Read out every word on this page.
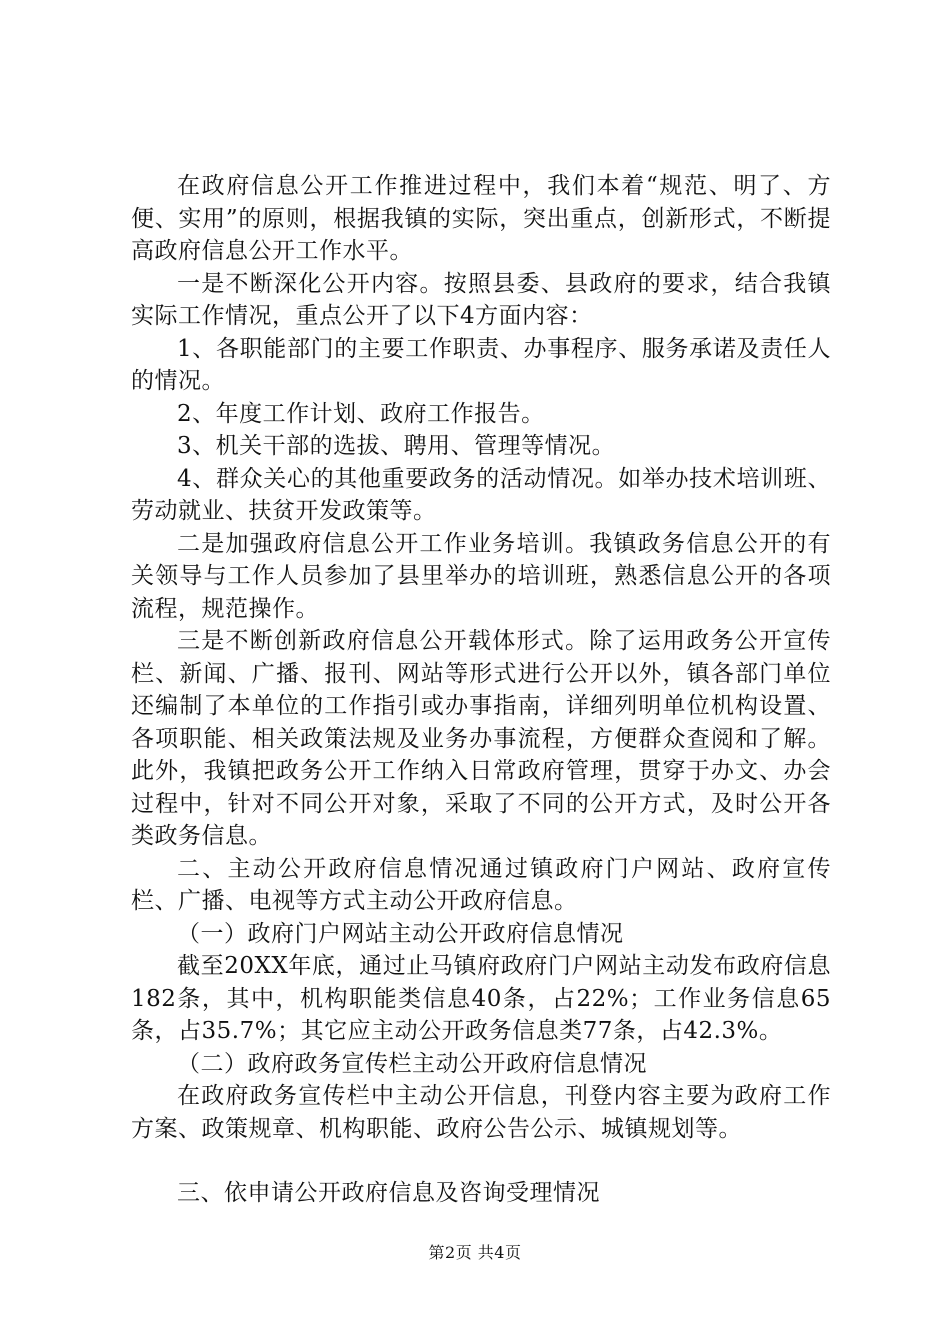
在政府信息公开工作推进过程中，我们本着“规范、明了、方便、实用”的原则，根据我镇的实际，突出重点，创新形式，不断提高政府信息公开工作水平。

一是不断深化公开内容。按照县委、县政府的要求，结合我镇实际工作情况，重点公开了以下4方面内容：

1、各职能部门的主要工作职责、办事程序、服务承诺及责任人的情况。

2、年度工作计划、政府工作报告。

3、机关干部的选拔、聘用、管理等情况。

4、群众关心的其他重要政务的活动情况。如举办技术培训班、劳动就业、扶贫开发政策等。

二是加强政府信息公开工作业务培训。我镇政务信息公开的有关领导与工作人员参加了县里举办的培训班，熟悉信息公开的各项流程，规范操作。

三是不断创新政府信息公开载体形式。除了运用政务公开宣传栏、新闻、广播、报刊、网站等形式进行公开以外，镇各部门单位还编制了本单位的工作指引或办事指南，详细列明单位机构设置、各项职能、相关政策法规及业务办事流程，方便群众查阅和了解。此外，我镇把政务公开工作纳入日常政府管理，贯穿于办文、办会过程中，针对不同公开对象，采取了不同的公开方式，及时公开各类政务信息。

二、主动公开政府信息情况通过镇政府门户网站、政府宣传栏、广播、电视等方式主动公开政府信息。

（一）政府门户网站主动公开政府信息情况

截至20XX年底，通过止马镇府政府门户网站主动发布政府信息182条，其中，机构职能类信息40条，占22%；工作业务信息65条，占35.7%；其它应主动公开政务信息类77条，占42.3%。

（二）政府政务宣传栏主动公开政府信息情况

在政府政务宣传栏中主动公开信息，刊登内容主要为政府工作方案、政策规章、机构职能、政府公告公示、城镇规划等。

三、依申请公开政府信息及咨询受理情况

第2页 共4页
